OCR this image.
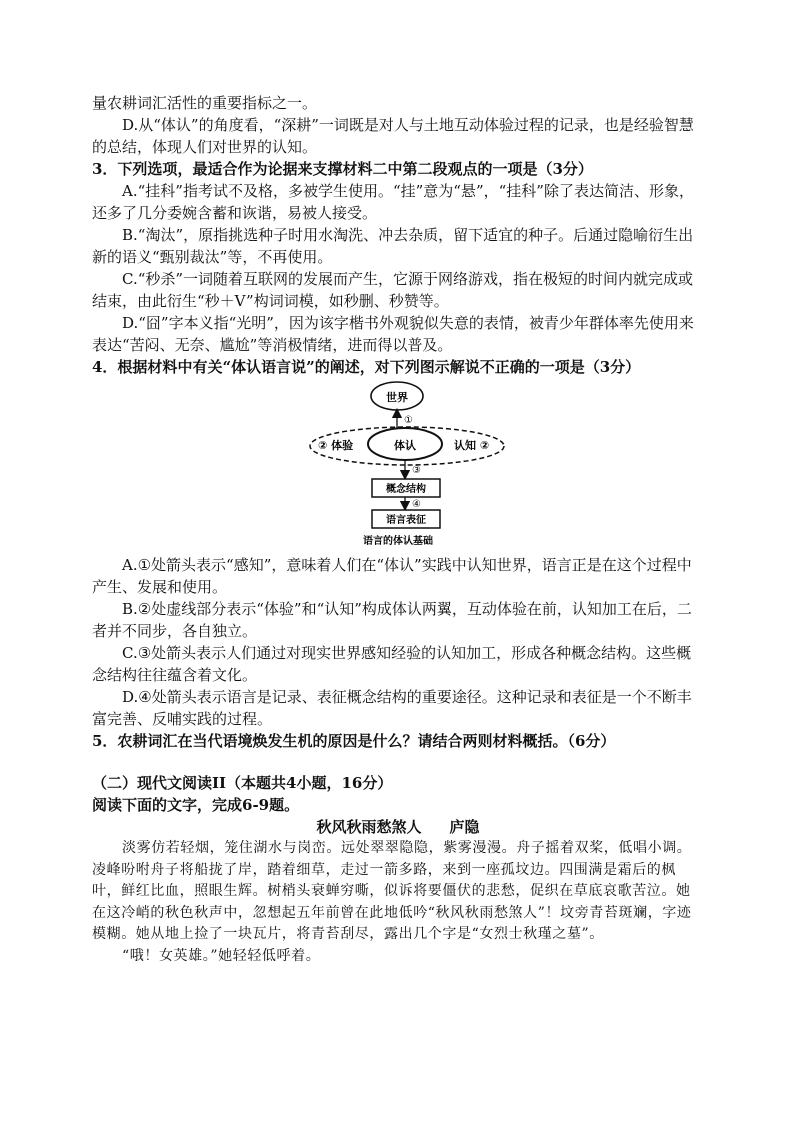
量农耕词汇活性的重要指标之一。

D.从“体认”的角度看，“深耕”一词既是对人与土地互动体验过程的记录，也是经验智慧的总结，体现人们对世界的认知。

3．下列选项，最适合作为论据来支撑材料二中第二段观点的一项是（3分）

A.“挂科”指考试不及格，多被学生使用。“挂”意为“悬”，“挂科”除了表达简洁、形象，还多了几分委婉含蓄和诙谐，易被人接受。

B.“淘汰”，原指挑选种子时用水淘洗、冲去杂质，留下适宜的种子。后通过隐喻衍生出新的语义“甄别裁汰”等，不再使用。

C.“秒杀”一词随着互联网的发展而产生，它源于网络游戏，指在极短的时间内就完成或结束，由此衍生“秒＋V”构词词模，如秒删、秒赞等。

D.“囧”字本义指“光明”，因为该字楷书外观貌似失意的表情，被青少年群体率先使用来表达“苦闷、无奈、尴尬”等消极情绪，进而得以普及。

4．根据材料中有关“体认语言说”的阐述，对下列图示解说不正确的一项是（3分）

世界
①
体认
② 体验	认知 ②
③
概念结构
④
语言表征
语言的体认基础

A.①处箭头表示“感知”，意味着人们在“体认”实践中认知世界，语言正是在这个过程中产生、发展和使用。

B.②处虚线部分表示“体验”和“认知”构成体认两翼，互动体验在前，认知加工在后，二者并不同步，各自独立。

C.③处箭头表示人们通过对现实世界感知经验的认知加工，形成各种概念结构。这些概念结构往往蕴含着文化。

D.④处箭头表示语言是记录、表征概念结构的重要途径。这种记录和表征是一个不断丰富完善、反哺实践的过程。

5．农耕词汇在当代语境焕发生机的原因是什么？请结合两则材料概括。（6分）

（二）现代文阅读II（本题共4小题，16分）

阅读下面的文字，完成6-9题。

秋风秋雨愁煞人 庐隐

淡雾仿若轻烟，笼住湖水与岗峦。远处翠翠隐隐，紫雾漫漫。舟子摇着双桨，低唱小调。凌峰吩咐舟子将船拢了岸，踏着细草，走过一箭多路，来到一座孤坟边。四围满是霜后的枫叶，鲜红比血，照眼生辉。树梢头衰蝉穷嘶，似诉将要僵伏的悲愁，促织在草底哀歌苦泣。她在这冷峭的秋色秋声中，忽想起五年前曾在此地低吟“秋风秋雨愁煞人”！坟旁青苔斑斓，字迹模糊。她从地上捡了一块瓦片，将青苔刮尽，露出几个字是“女烈士秋瑾之墓”。

“哦！女英雄。”她轻轻低呼着。
